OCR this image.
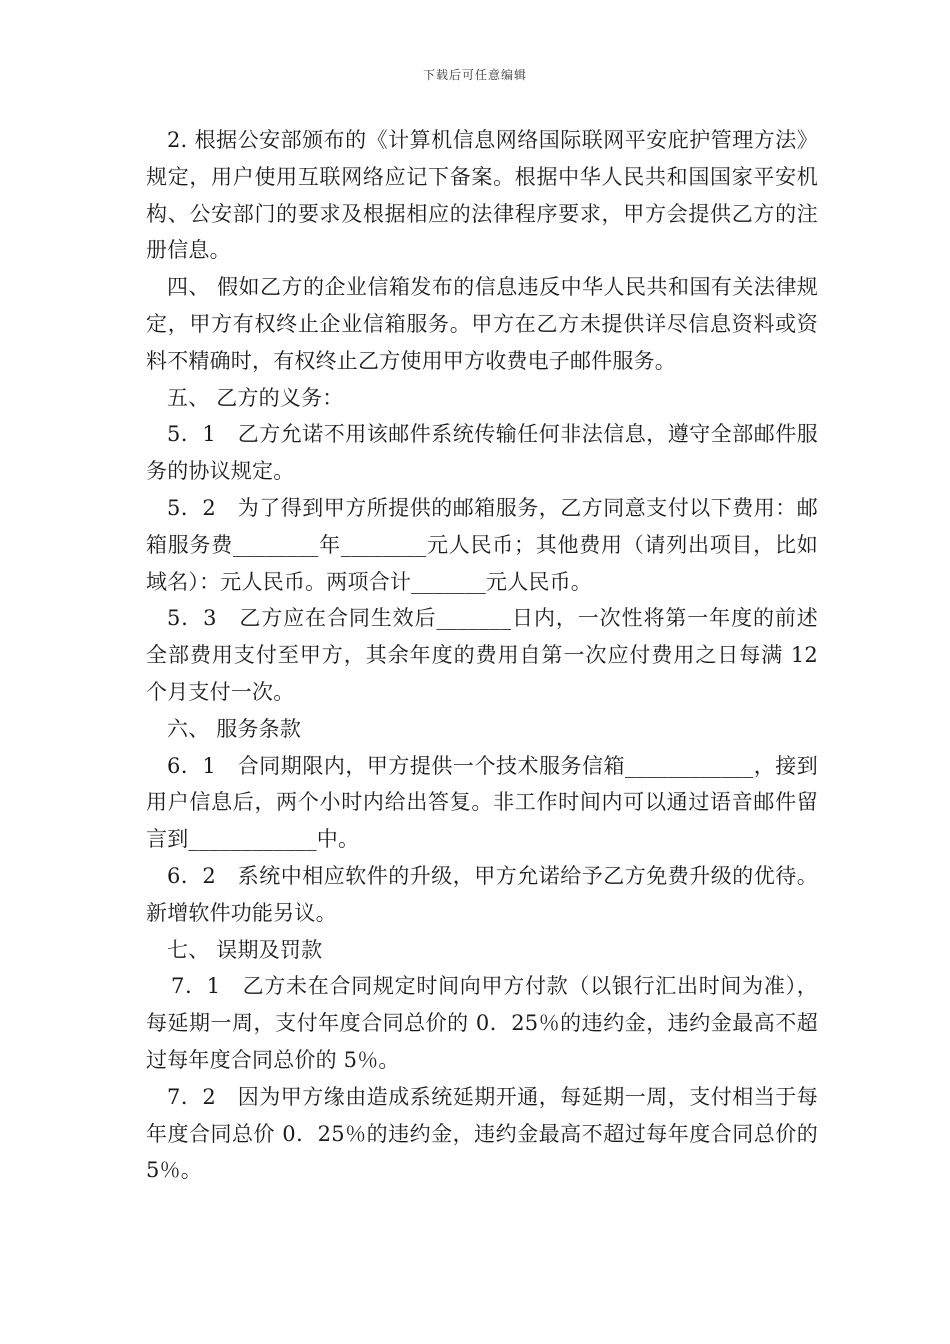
下载后可任意编辑

2. 根据公安部颁布的《计算机信息网络国际联网平安庇护管理方法》规定，用户使用互联网络应记下备案。根据中华人民共和国国家平安机构、公安部门的要求及根据相应的法律程序要求，甲方会提供乙方的注册信息。

四、 假如乙方的企业信箱发布的信息违反中华人民共和国有关法律规定，甲方有权终止企业信箱服务。甲方在乙方未提供详尽信息资料或资料不精确时，有权终止乙方使用甲方收费电子邮件服务。

五、 乙方的义务：

5．1　乙方允诺不用该邮件系统传输任何非法信息，遵守全部邮件服务的协议规定。

5．2　为了得到甲方所提供的邮箱服务，乙方同意支付以下费用：邮箱服务费________年________元人民币；其他费用（请列出项目，比如域名）：元人民币。两项合计_______元人民币。

5．3　乙方应在合同生效后_______日内，一次性将第一年度的前述全部费用支付至甲方，其余年度的费用自第一次应付费用之日每满 12 个月支付一次。

六、 服务条款

6．1　合同期限内，甲方提供一个技术服务信箱____________，接到用户信息后，两个小时内给出答复。非工作时间内可以通过语音邮件留言到____________中。

6．2　系统中相应软件的升级，甲方允诺给予乙方免费升级的优待。新增软件功能另议。

七、 误期及罚款

7．1　乙方未在合同规定时间向甲方付款（以银行汇出时间为准），每延期一周，支付年度合同总价的 0．25％的违约金，违约金最高不超过每年度合同总价的 5％。

7．2　因为甲方缘由造成系统延期开通，每延期一周，支付相当于每年度合同总价 0．25％的违约金，违约金最高不超过每年度合同总价的 5％。
